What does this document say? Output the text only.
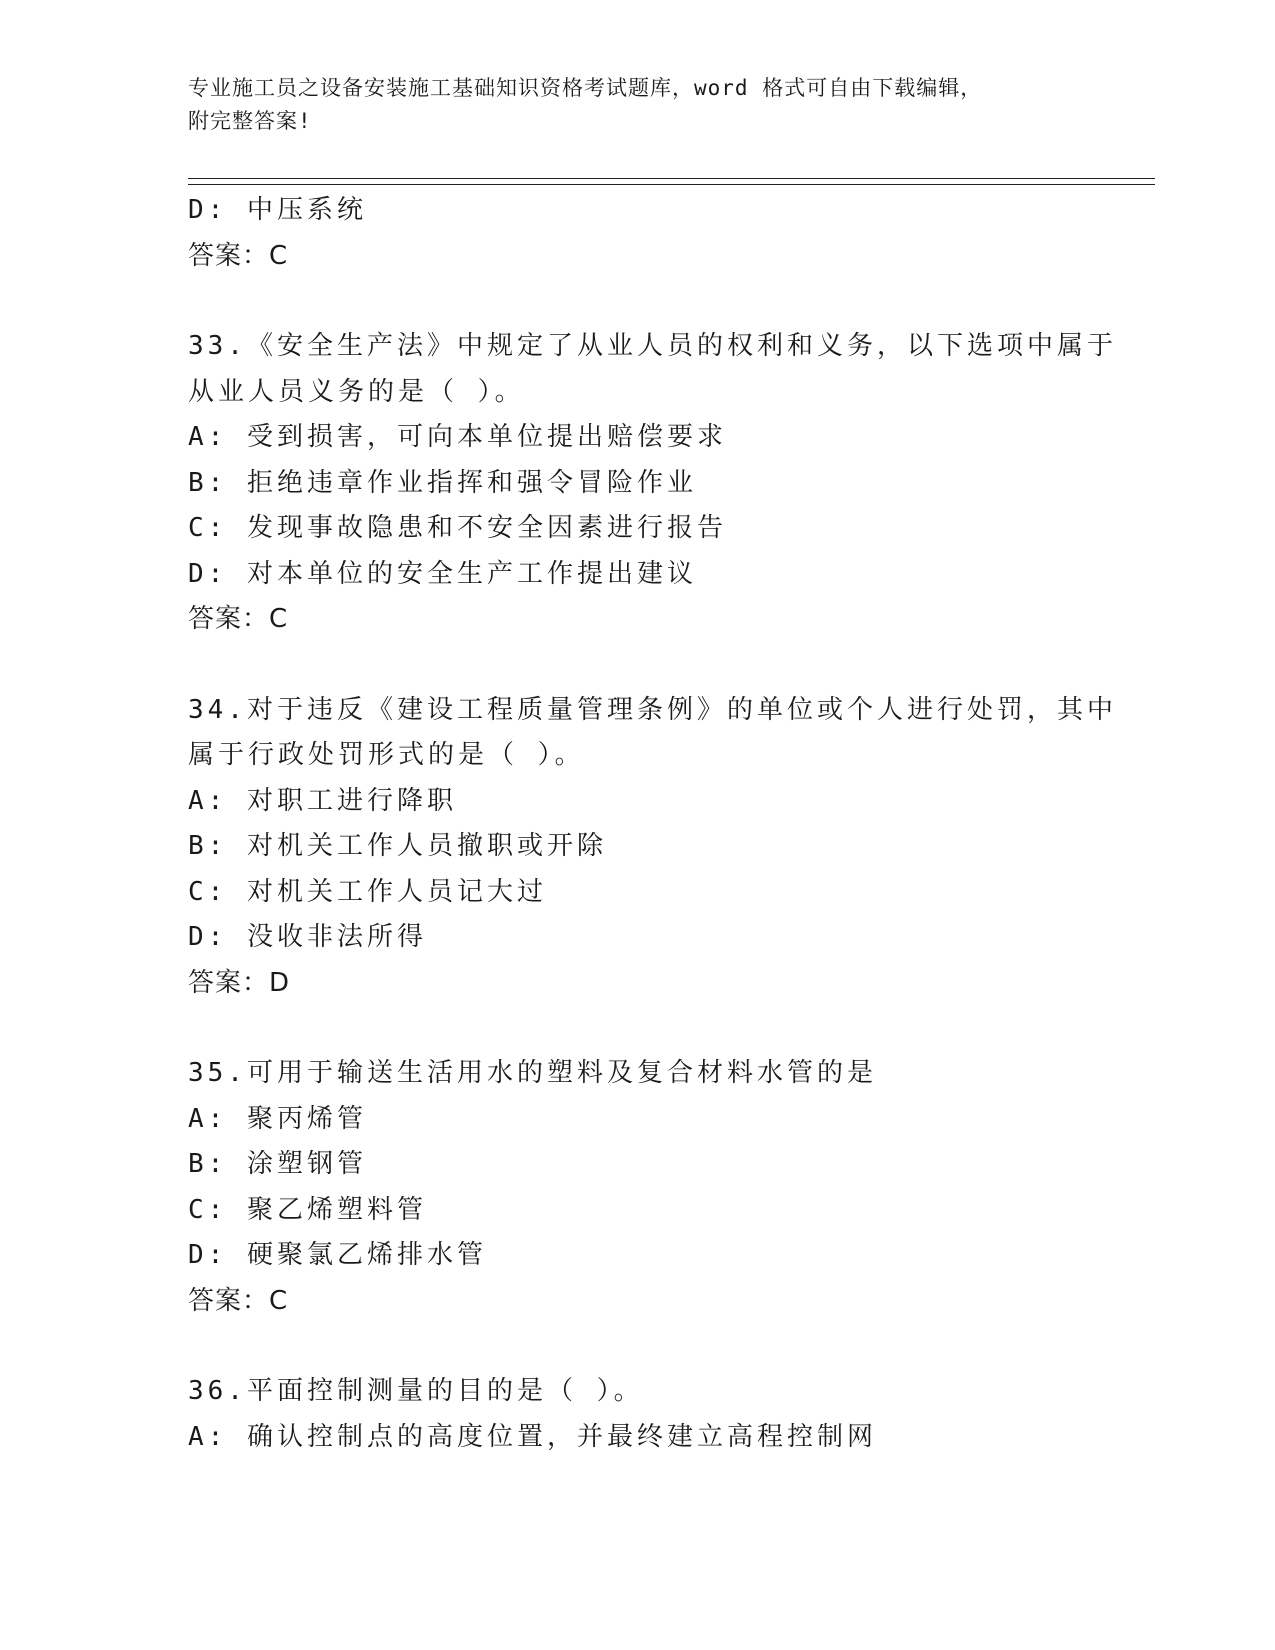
专业施工员之设备安装施工基础知识资格考试题库，word 格式可自由下载编辑，
附完整答案!
D: 中压系统
答案：C
33.《安全生产法》中规定了从业人员的权利和义务，以下选项中属于
从业人员义务的是（ ）。
A: 受到损害，可向本单位提出赔偿要求
B: 拒绝违章作业指挥和强令冒险作业
C: 发现事故隐患和不安全因素进行报告
D: 对本单位的安全生产工作提出建议
答案：C
34.对于违反《建设工程质量管理条例》的单位或个人进行处罚，其中
属于行政处罚形式的是（ ）。
A: 对职工进行降职
B: 对机关工作人员撤职或开除
C: 对机关工作人员记大过
D: 没收非法所得
答案：D
35.可用于输送生活用水的塑料及复合材料水管的是
A: 聚丙烯管
B: 涂塑钢管
C: 聚乙烯塑料管
D: 硬聚氯乙烯排水管
答案：C
36.平面控制测量的目的是（ ）。
A: 确认控制点的高度位置，并最终建立高程控制网
